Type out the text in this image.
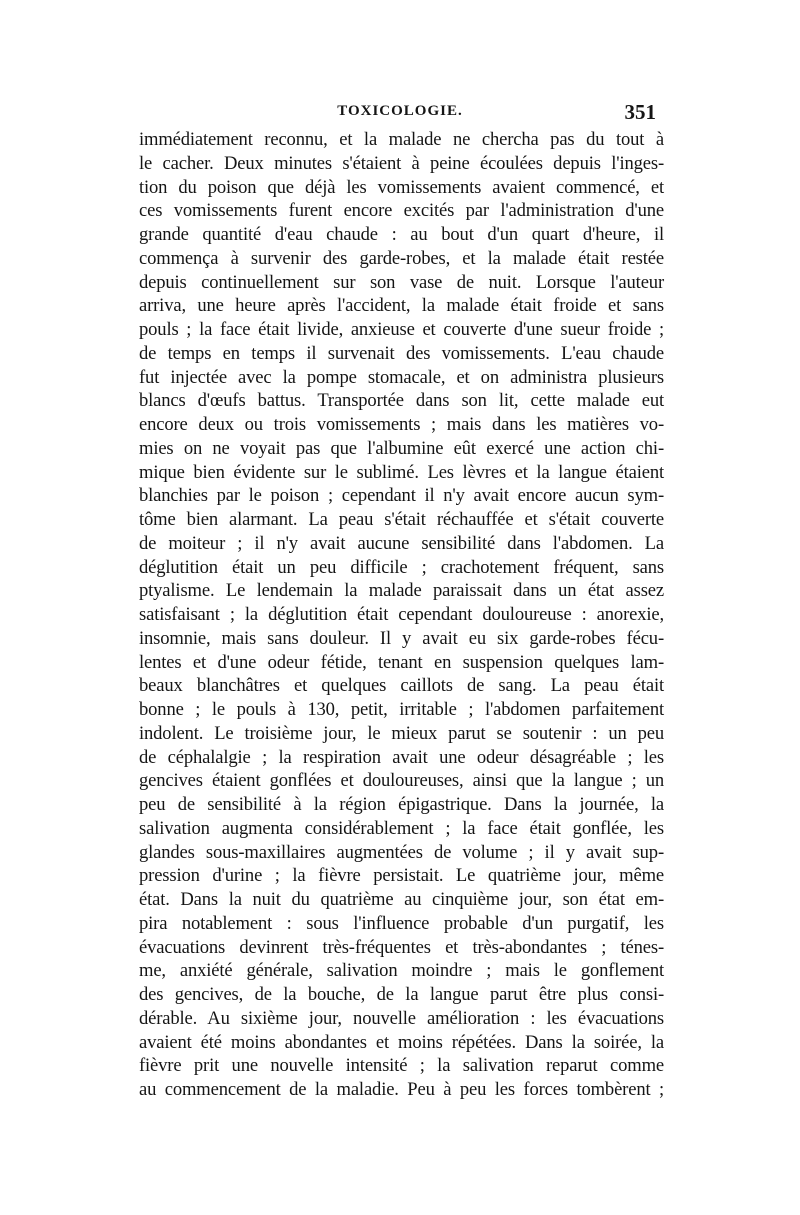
TOXICOLOGIE.	351
immédiatement reconnu, et la malade ne chercha pas du tout à
le cacher. Deux minutes s'étaient à peine écoulées depuis l'inges-
tion du poison que déjà les vomissements avaient commencé, et
ces vomissements furent encore excités par l'administration d'une
grande quantité d'eau chaude : au bout d'un quart d'heure, il
commença à survenir des garde-robes, et la malade était restée
depuis continuellement sur son vase de nuit. Lorsque l'auteur
arriva, une heure après l'accident, la malade était froide et sans
pouls ; la face était livide, anxieuse et couverte d'une sueur froide ;
de temps en temps il survenait des vomissements. L'eau chaude
fut injectée avec la pompe stomacale, et on administra plusieurs
blancs d'œufs battus. Transportée dans son lit, cette malade eut
encore deux ou trois vomissements ; mais dans les matières vo-
mies on ne voyait pas que l'albumine eût exercé une action chi-
mique bien évidente sur le sublimé. Les lèvres et la langue étaient
blanchies par le poison ; cependant il n'y avait encore aucun sym-
tôme bien alarmant. La peau s'était réchauffée et s'était couverte
de moiteur ; il n'y avait aucune sensibilité dans l'abdomen. La
déglutition était un peu difficile ; crachotement fréquent, sans
ptyalisme. Le lendemain la malade paraissait dans un état assez
satisfaisant ; la déglutition était cependant douloureuse : anorexie,
insomnie, mais sans douleur. Il y avait eu six garde-robes fécu-
lentes et d'une odeur fétide, tenant en suspension quelques lam-
beaux blanchâtres et quelques caillots de sang. La peau était
bonne ; le pouls à 130, petit, irritable ; l'abdomen parfaitement
indolent. Le troisième jour, le mieux parut se soutenir : un peu
de céphalalgie ; la respiration avait une odeur désagréable ; les
gencives étaient gonflées et douloureuses, ainsi que la langue ; un
peu de sensibilité à la région épigastrique. Dans la journée, la
salivation augmenta considérablement ; la face était gonflée, les
glandes sous-maxillaires augmentées de volume ; il y avait sup-
pression d'urine ; la fièvre persistait. Le quatrième jour, même
état. Dans la nuit du quatrième au cinquième jour, son état em-
pira notablement : sous l'influence probable d'un purgatif, les
évacuations devinrent très-fréquentes et très-abondantes ; ténes-
me, anxiété générale, salivation moindre ; mais le gonflement
des gencives, de la bouche, de la langue parut être plus consi-
dérable. Au sixième jour, nouvelle amélioration : les évacuations
avaient été moins abondantes et moins répétées. Dans la soirée, la
fièvre prit une nouvelle intensité ; la salivation reparut comme
au commencement de la maladie. Peu à peu les forces tombèrent ;
